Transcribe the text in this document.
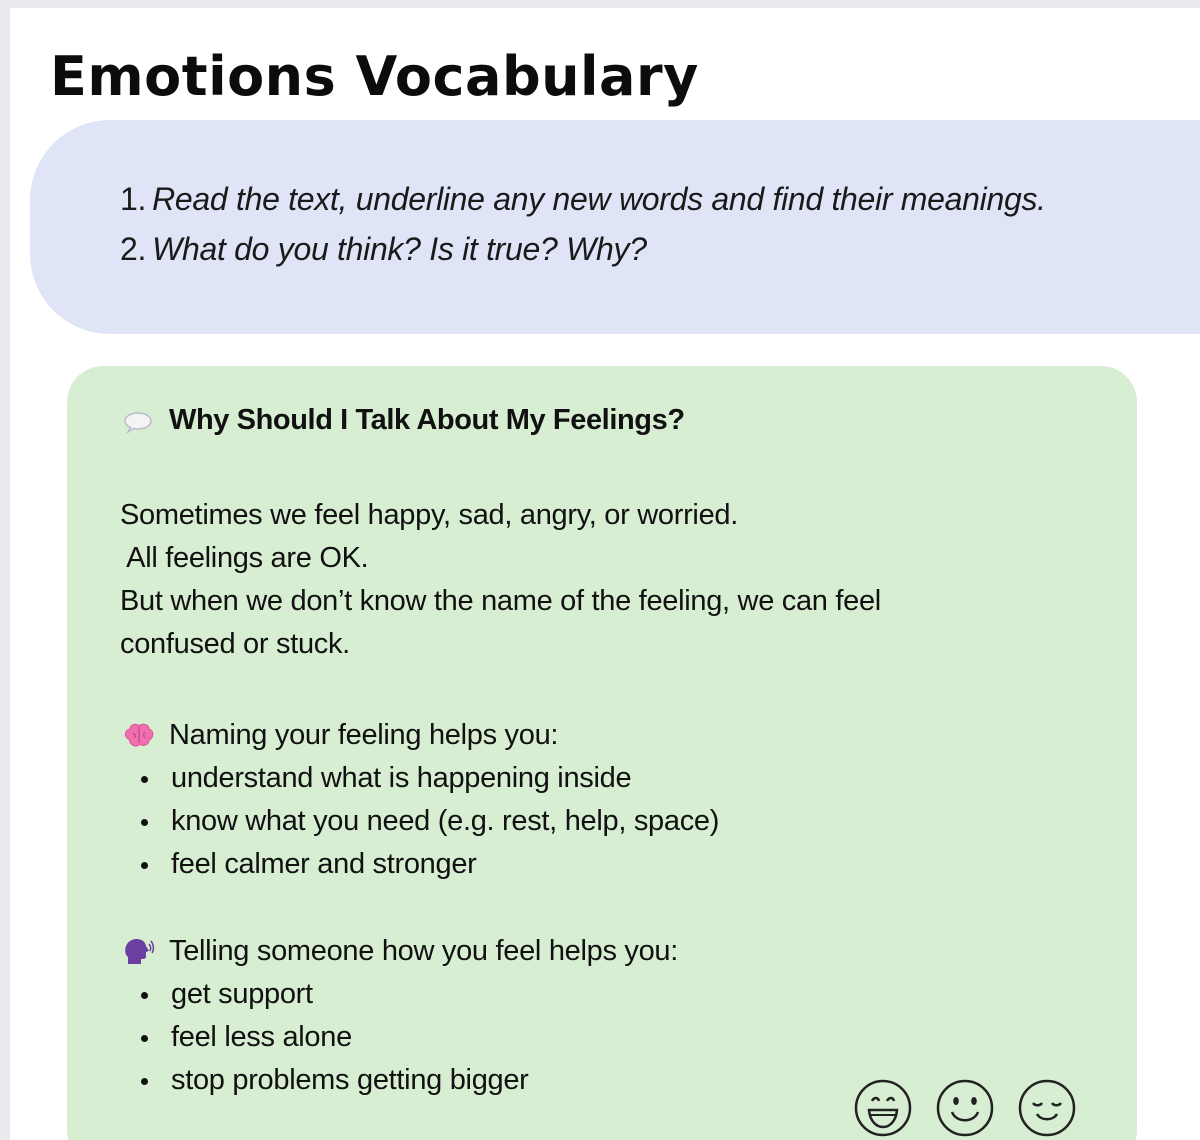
Emotions Vocabulary
1. Read the text, underline any new words and find their meanings.
2. What do you think? Is it true? Why?
Why Should I Talk About My Feelings?
Sometimes we feel happy, sad, angry, or worried.
All feelings are OK.
But when we don’t know the name of the feeling, we can feel
confused or stuck.
Naming your feeling helps you:
understand what is happening inside
know what you need (e.g. rest, help, space)
feel calmer and stronger
Telling someone how you feel helps you:
get support
feel less alone
stop problems getting bigger
